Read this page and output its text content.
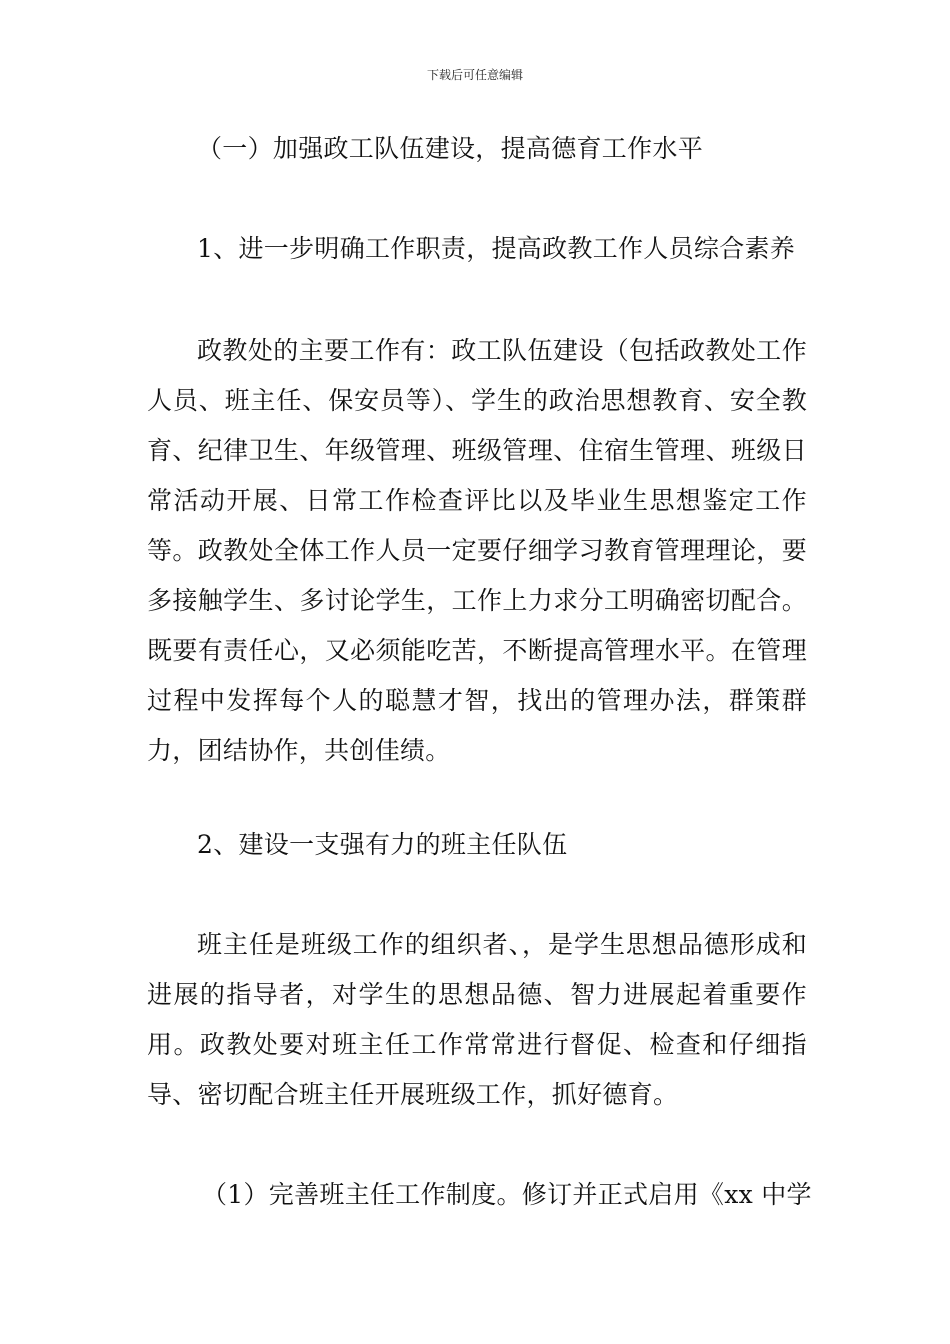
下载后可任意编辑
（一）加强政工队伍建设，提高德育工作水平
1、进一步明确工作职责，提高政教工作人员综合素养
政教处的主要工作有：政工队伍建设（包括政教处工作人员、班主任、保安员等）、学生的政治思想教育、安全教育、纪律卫生、年级管理、班级管理、住宿生管理、班级日常活动开展、日常工作检查评比以及毕业生思想鉴定工作等。政教处全体工作人员一定要仔细学习教育管理理论，要多接触学生、多讨论学生，工作上力求分工明确密切配合。既要有责任心，又必须能吃苦，不断提高管理水平。在管理过程中发挥每个人的聪慧才智，找出的管理办法，群策群力，团结协作，共创佳绩。
2、建设一支强有力的班主任队伍
班主任是班级工作的组织者、，是学生思想品德形成和进展的指导者，对学生的思想品德、智力进展起着重要作用。政教处要对班主任工作常常进行督促、检查和仔细指导、密切配合班主任开展班级工作，抓好德育。
（1）完善班主任工作制度。修订并正式启用《xx 中学
